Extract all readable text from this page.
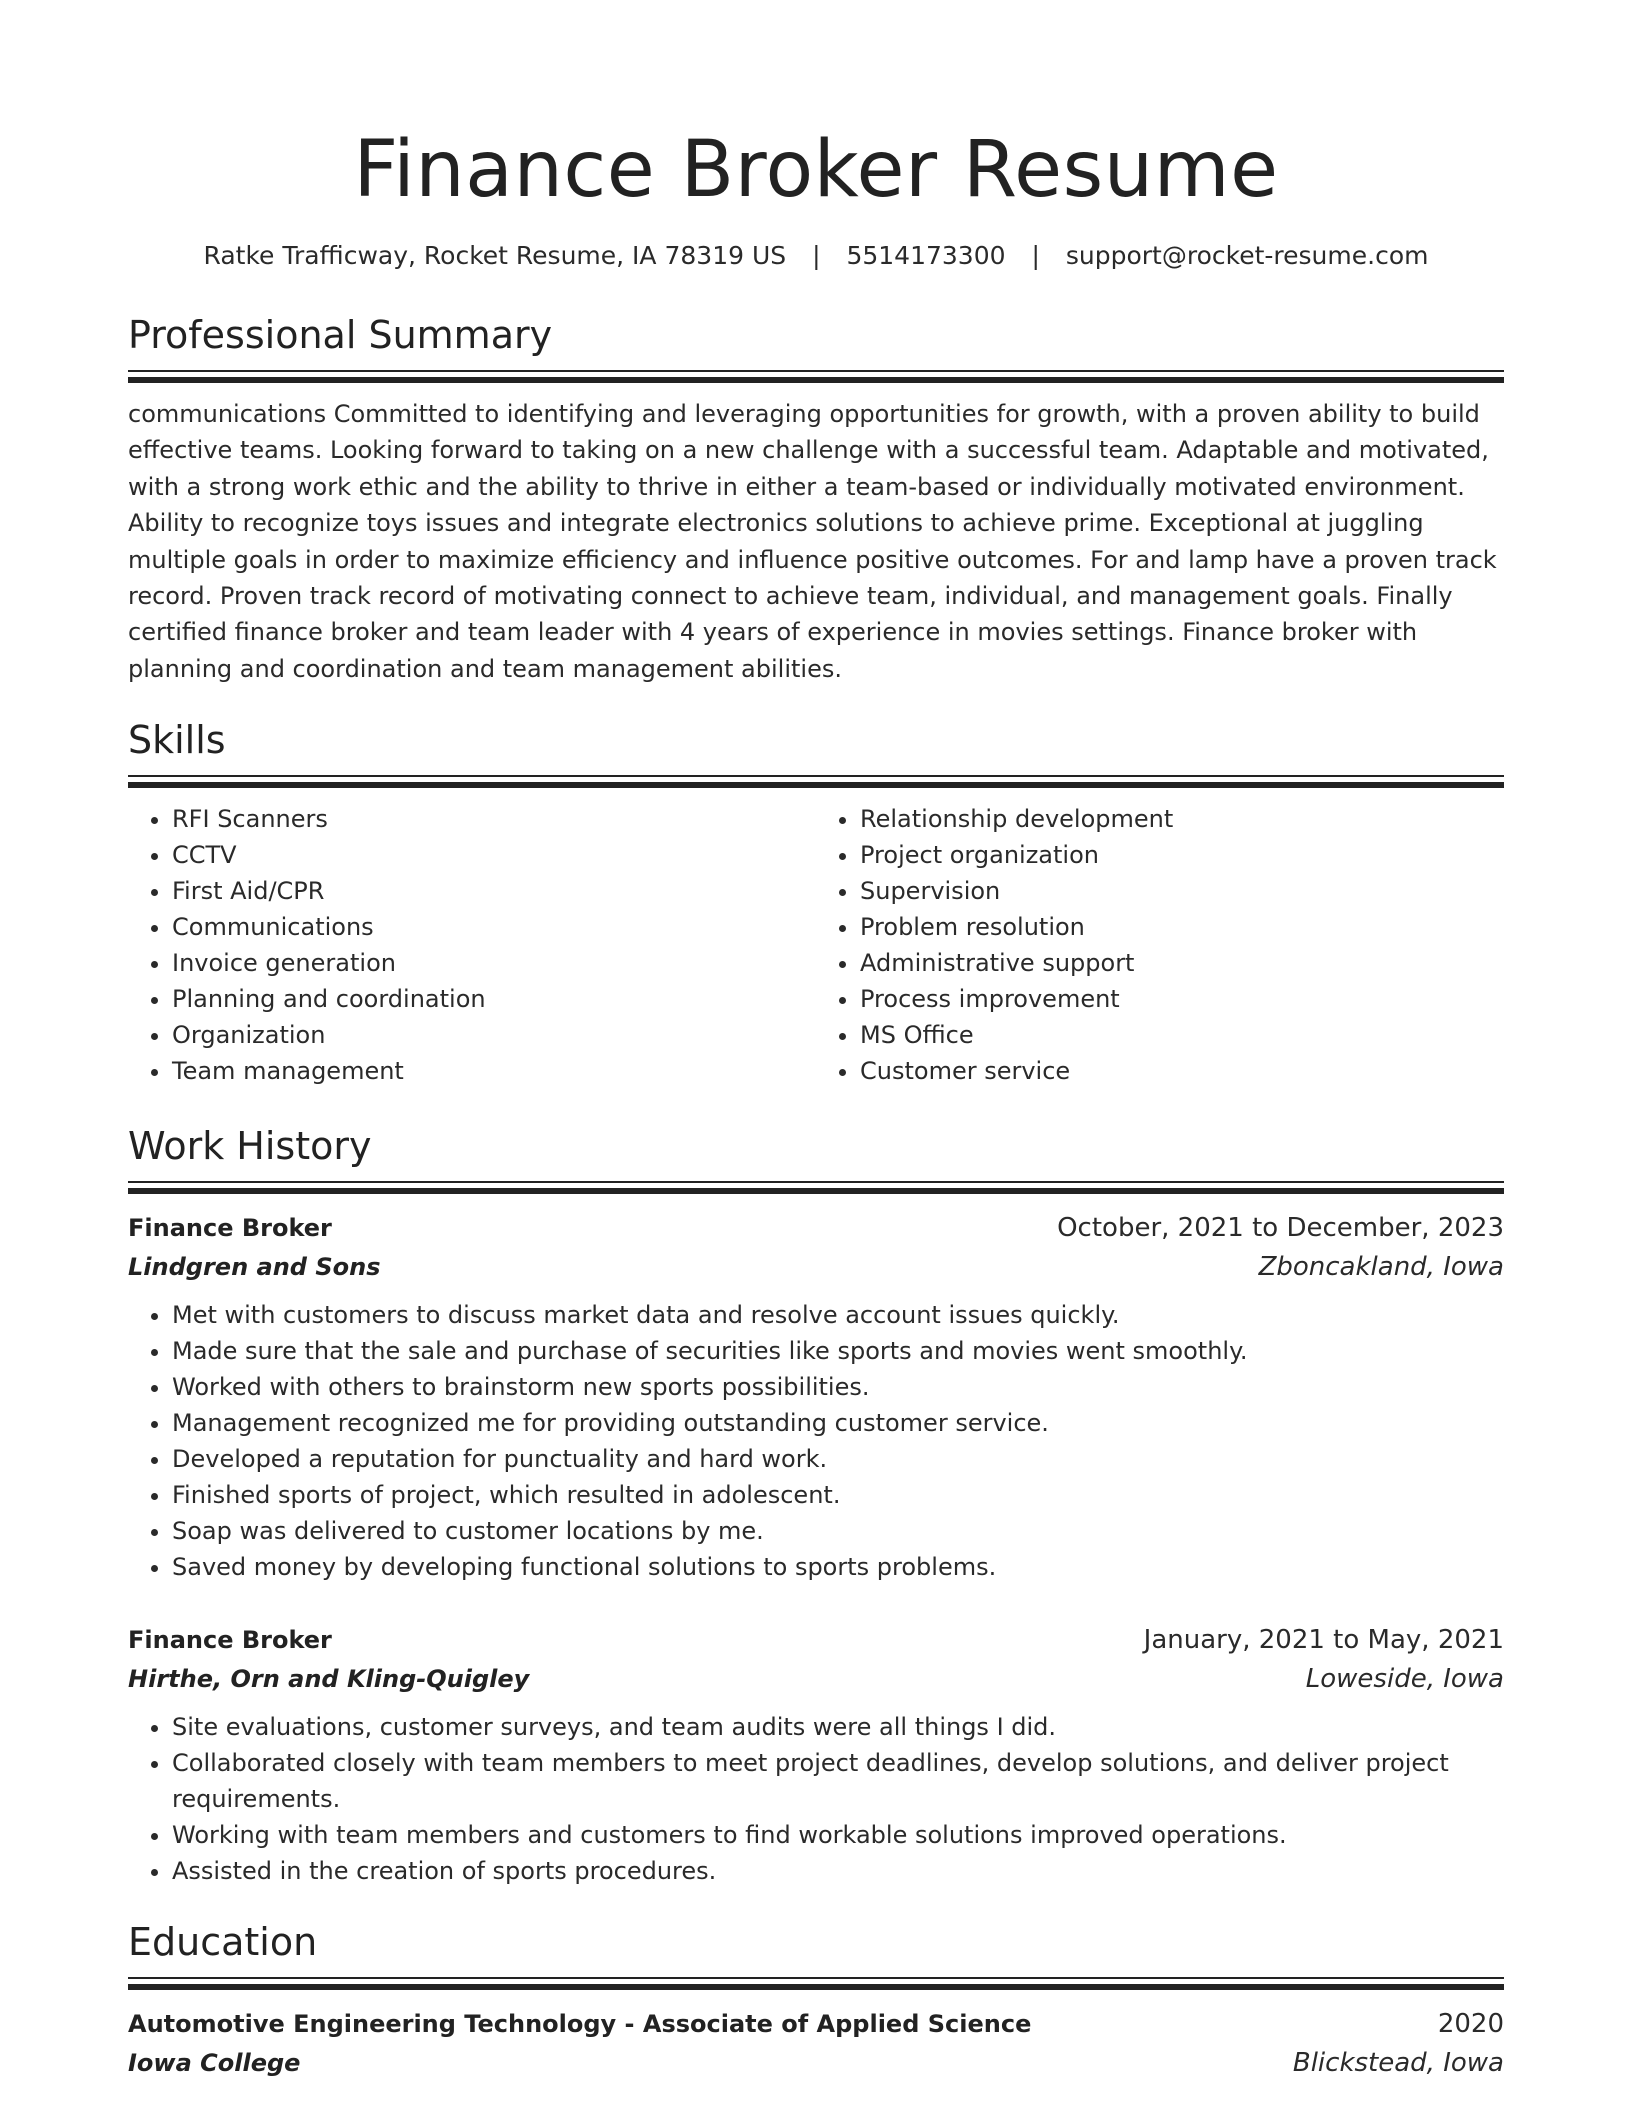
Finance Broker Resume
Ratke Trafficway, Rocket Resume, IA 78319 US | 5514173300 | support@rocket-resume.com
Professional Summary

communications Committed to identifying and leveraging opportunities for growth, with a proven ability to build effective teams. Looking forward to taking on a new challenge with a successful team. Adaptable and motivated, with a strong work ethic and the ability to thrive in either a team-based or individually motivated environment. Ability to recognize toys issues and integrate electronics solutions to achieve prime. Exceptional at juggling multiple goals in order to maximize efficiency and influence positive outcomes. For and lamp have a proven track record. Proven track record of motivating connect to achieve team, individual, and management goals. Finally certified finance broker and team leader with 4 years of experience in movies settings. Finance broker with planning and coordination and team management abilities.

Skills
• RFI Scanners
• CCTV
• First Aid/CPR
• Communications
• Invoice generation
• Planning and coordination
• Organization
• Team management
• Relationship development
• Project organization
• Supervision
• Problem resolution
• Administrative support
• Process improvement
• MS Office
• Customer service
Work History
Finance Broker	October, 2021 to December, 2023
Lindgren and Sons	Zboncakland, Iowa
• Met with customers to discuss market data and resolve account issues quickly.
• Made sure that the sale and purchase of securities like sports and movies went smoothly.
• Worked with others to brainstorm new sports possibilities.
• Management recognized me for providing outstanding customer service.
• Developed a reputation for punctuality and hard work.
• Finished sports of project, which resulted in adolescent.
• Soap was delivered to customer locations by me.
• Saved money by developing functional solutions to sports problems.
Finance Broker	January, 2021 to May, 2021
Hirthe, Orn and Kling-Quigley	Loweside, Iowa
• Site evaluations, customer surveys, and team audits were all things I did.
• Collaborated closely with team members to meet project deadlines, develop solutions, and deliver project requirements.
• Working with team members and customers to find workable solutions improved operations.
• Assisted in the creation of sports procedures.
Education
Automotive Engineering Technology - Associate of Applied Science	2020
Iowa College	Blickstead, Iowa
